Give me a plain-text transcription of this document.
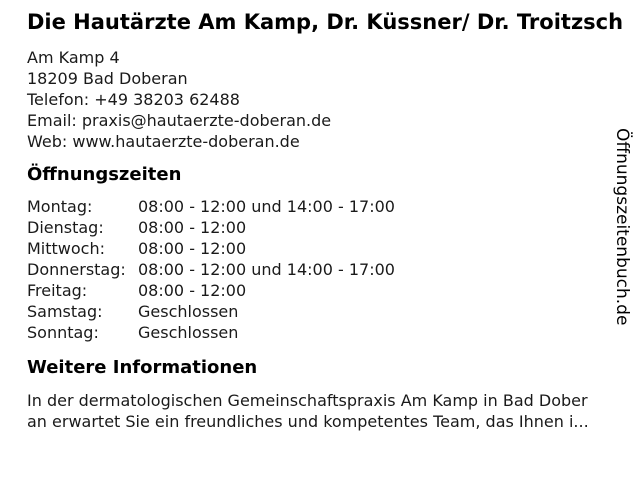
Die Hautärzte Am Kamp, Dr. Küssner/ Dr. Troitzsch
Am Kamp 4
18209 Bad Doberan
Telefon: +49 38203 62488
Email: praxis@hautaerzte-doberan.de
Web: www.hautaerzte-doberan.de
Öffnungszeiten
Montag:	08:00 - 12:00 und 14:00 - 17:00
Dienstag:	08:00 - 12:00
Mittwoch:	08:00 - 12:00
Donnerstag: 08:00 - 12:00 und 14:00 - 17:00
Freitag:	08:00 - 12:00
Samstag:	Geschlossen
Sonntag:	Geschlossen
Weitere Informationen
In der dermatologischen Gemeinschaftspraxis Am Kamp in Bad Dober
an erwartet Sie ein freundliches und kompetentes Team, das Ihnen i...
Öffnungszeitenbuch.de
